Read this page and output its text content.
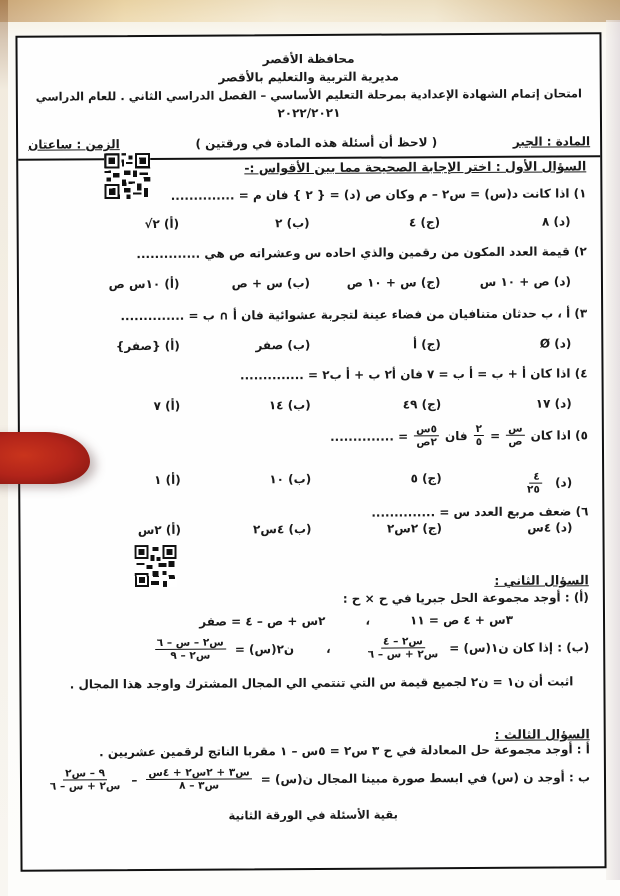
محافظة الأقصر
مديرية التربية والتعليم بالأقصر
امتحان إتمام الشهادة الإعدادية بمرحلة التعليم الأساسي – الفصل الدراسي الثاني . للعام الدراسي
٢٠٢٢/٢٠٢١
المادة : الجبر
( لاحظ أن أسئلة هذه المادة في ورقتين )
الزمن : ساعتان
السؤال الأول : اختر الإجابة الصحيحة مما بين الأقواس :-
١) اذا كانت د(س) = س٢ – م وكان ص (د) = { ٢ } فان م = ..............
(أ) ٢√	(ب) ٢	(ج) ٤	(د) ٨
٢) قيمة العدد المكون من رقمين والذي احاده س وعشراته ص هي ..............
(أ) ١٠س ص	(ب) س + ص	(ج) س + ١٠ ص	(د) ص + ١٠ س
٣) أ ، ب حدثان متنافيان من فضاء عينة لتجربة عشوائية فان أ ∩ ب = ..............
(أ) {صفر}	(ب) صفر	(ج) أ	(د) Ø
٤) اذا كان أ + ب = أ ب = ٧ فان أ٢ ب + أ ب٢ = ..............
(أ) ٧	(ب) ١٤	(ج) ٤٩	(د) ١٧
٥) اذا كان
$\frac{\text{س}}{\text{ص}}$
=
$\frac{٢}{٥}$
فان
$\frac{\text{٥س}}{\text{٢ص}}$
= ..............
(أ) ١	(ب) ١٠	(ج) ٥	(د)
$\frac{٤}{٢٥}$
٦) ضعف مربع العدد س = ..............
(أ) ٢س	(ب) ٤س٢	(ج) ٢س٢	(د) ٤س
السؤال الثاني :
(أ) : أوجد مجموعة الحل جبريا في ح × ح :
٣س + ٤ ص = ١١
،
٢س + ص – ٤ = صفر
(ب) : إذا كان ن١(س) =
$\frac{\text{س٢ – ٤}}{\text{س٢ + س – ٦}}$
،
ن٢(س) =
$\frac{\text{س٢ – س – ٦}}{\text{س٢ – ٩}}$
اثبت أن ن١ = ن٢ لجميع قيمة س التي تنتمي الي المجال المشترك واوجد هذا المجال .
السؤال الثالث :
أ : أوجد مجموعة حل المعادلة في ح ٣ س٢ = ٥س – ١ مقربا الناتج لرقمين عشريين .
ب : أوجد ن (س) في ابسط صورة مبينا المجال ن(س) =
$\frac{\text{س٣ + ٢س٢ + ٤س}}{\text{س٣ – ٨}}$
–
$\frac{\text{٩ – س٢}}{\text{س٢ + س – ٦}}$
بقية الأسئلة في الورقة الثانية
